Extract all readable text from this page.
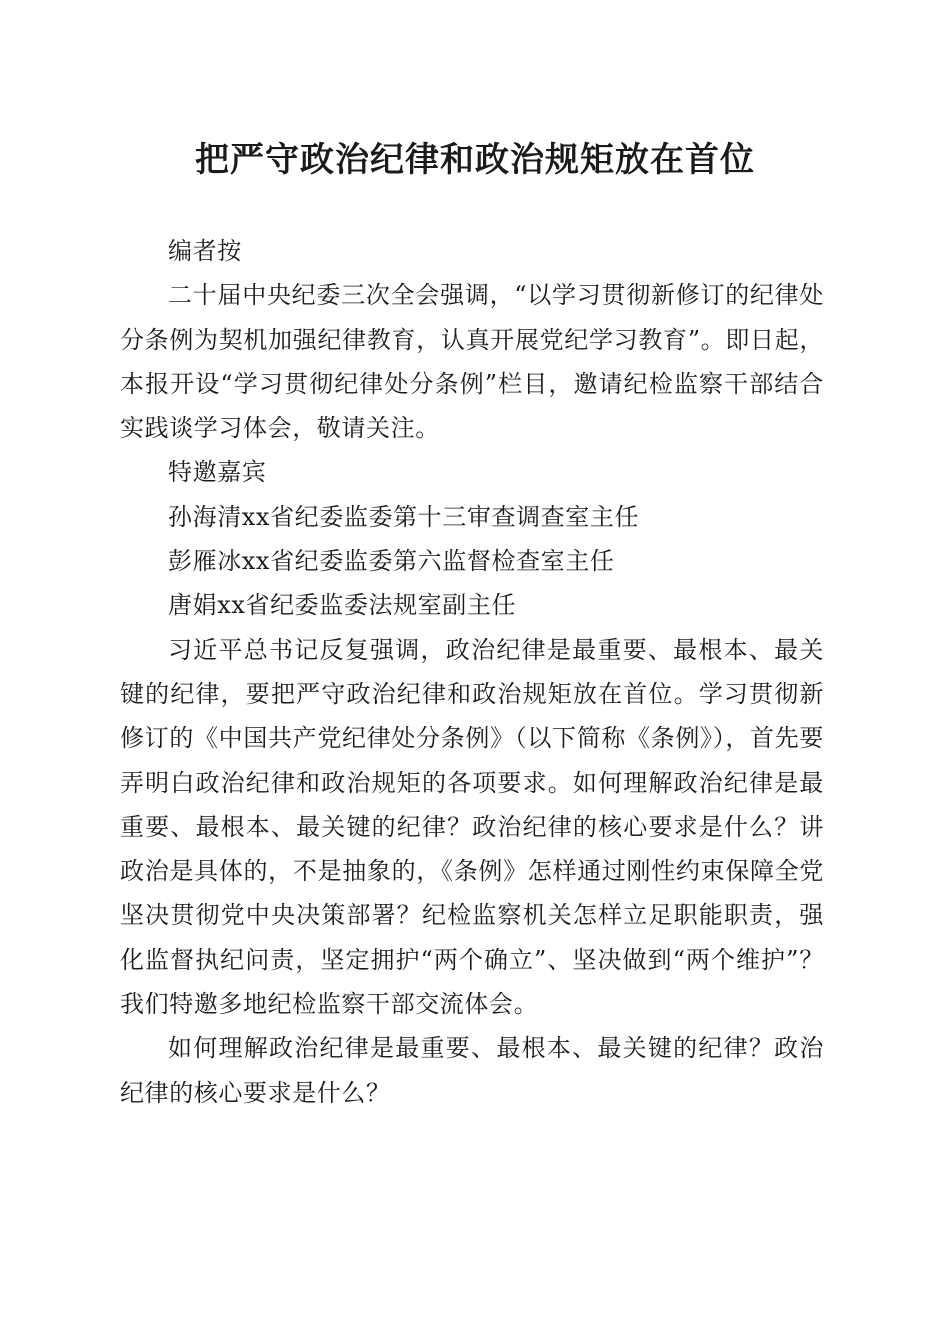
把严守政治纪律和政治规矩放在首位

编者按

二十届中央纪委三次全会强调，“以学习贯彻新修订的纪律处分条例为契机加强纪律教育，认真开展党纪学习教育”。即日起，本报开设“学习贯彻纪律处分条例”栏目，邀请纪检监察干部结合实践谈学习体会，敬请关注。

特邀嘉宾

孙海清xx省纪委监委第十三审查调查室主任

彭雁冰xx省纪委监委第六监督检查室主任

唐娟xx省纪委监委法规室副主任

习近平总书记反复强调，政治纪律是最重要、最根本、最关键的纪律，要把严守政治纪律和政治规矩放在首位。学习贯彻新修订的《中国共产党纪律处分条例》（以下简称《条例》），首先要弄明白政治纪律和政治规矩的各项要求。如何理解政治纪律是最重要、最根本、最关键的纪律？政治纪律的核心要求是什么？讲政治是具体的，不是抽象的，《条例》怎样通过刚性约束保障全党坚决贯彻党中央决策部署？纪检监察机关怎样立足职能职责，强化监督执纪问责，坚定拥护“两个确立”、坚决做到“两个维护”？我们特邀多地纪检监察干部交流体会。

如何理解政治纪律是最重要、最根本、最关键的纪律？政治纪律的核心要求是什么？
